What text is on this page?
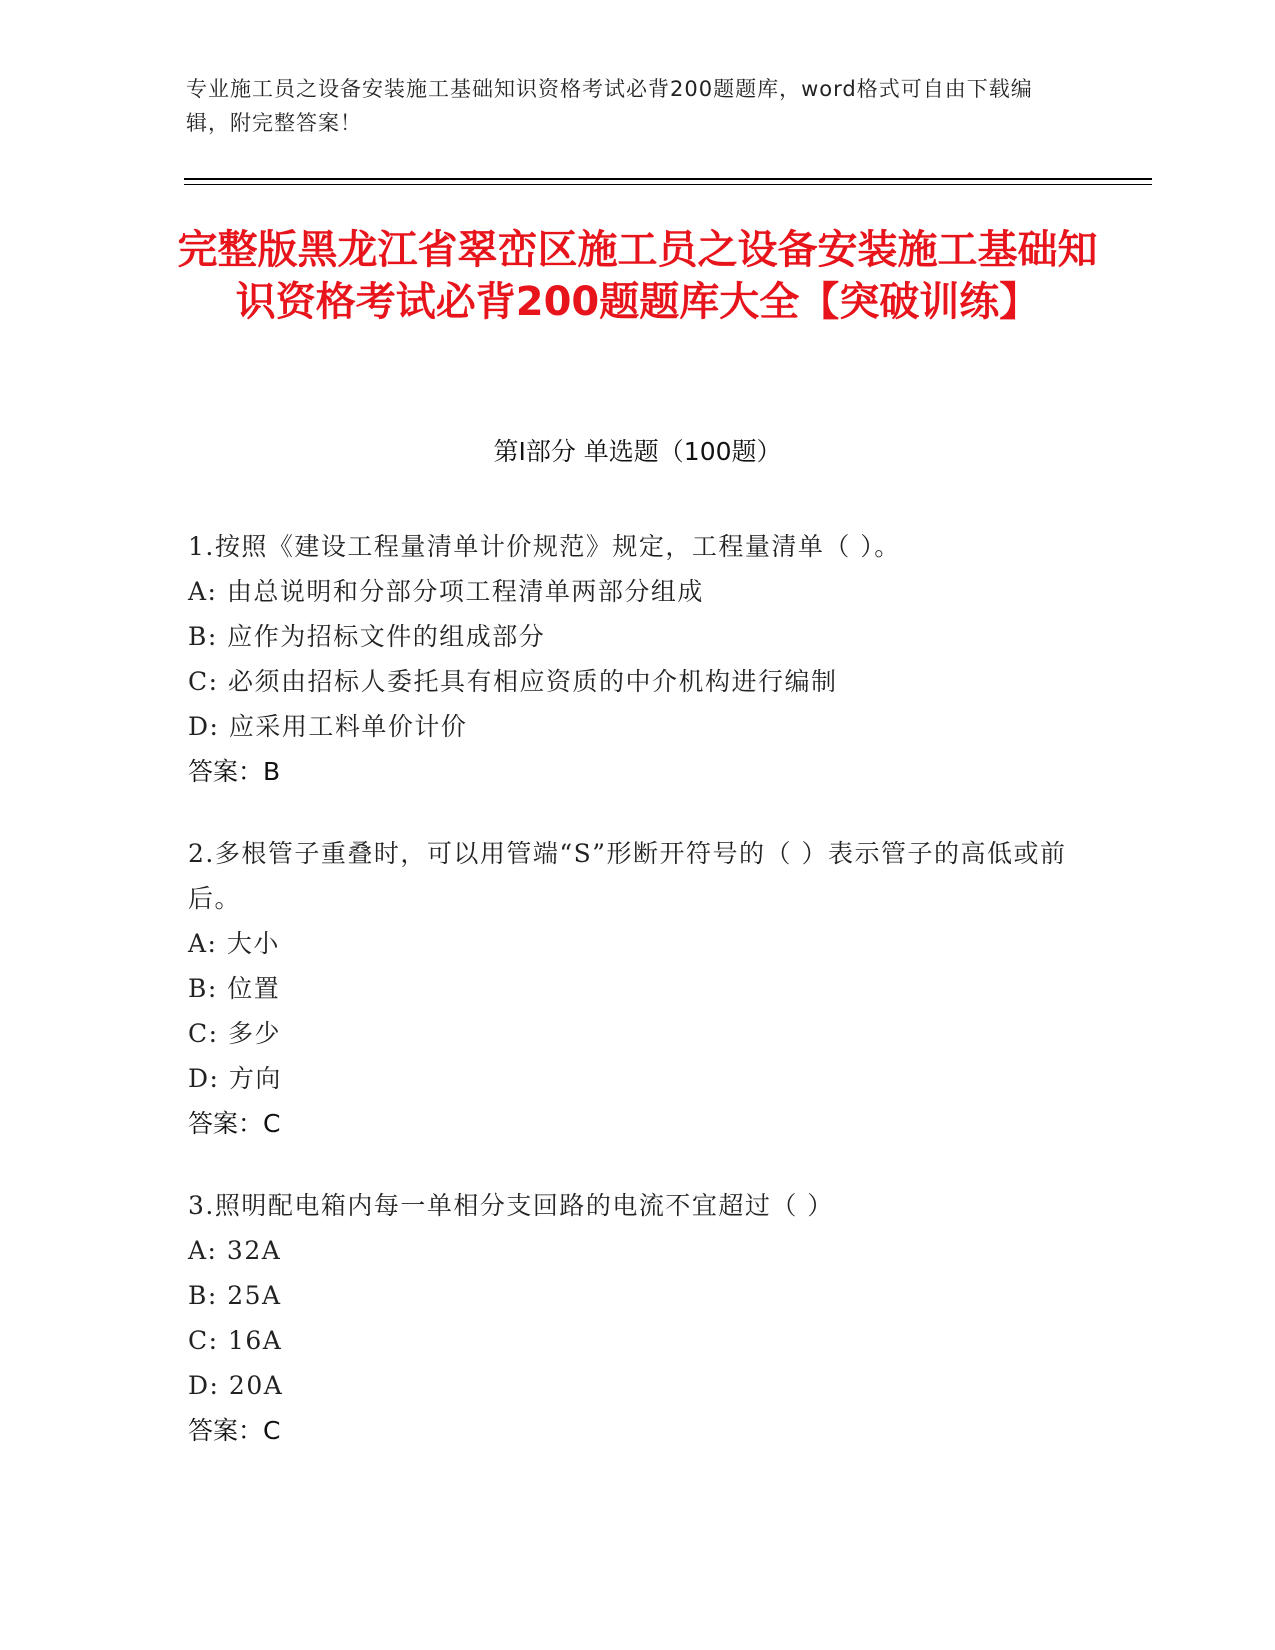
专业施工员之设备安装施工基础知识资格考试必背200题题库，word格式可自由下载编辑，附完整答案！
完整版黑龙江省翠峦区施工员之设备安装施工基础知识资格考试必背200题题库大全【突破训练】
第I部分 单选题（100题）
1.按照《建设工程量清单计价规范》规定，工程量清单（ ）。
A: 由总说明和分部分项工程清单两部分组成
B: 应作为招标文件的组成部分
C: 必须由招标人委托具有相应资质的中介机构进行编制
D: 应采用工料单价计价
答案：B
2.多根管子重叠时，可以用管端“S”形断开符号的（ ）表示管子的高低或前后。
A: 大小
B: 位置
C: 多少
D: 方向
答案：C
3.照明配电箱内每一单相分支回路的电流不宜超过（ ）
A: 32A
B: 25A
C: 16A
D: 20A
答案：C
